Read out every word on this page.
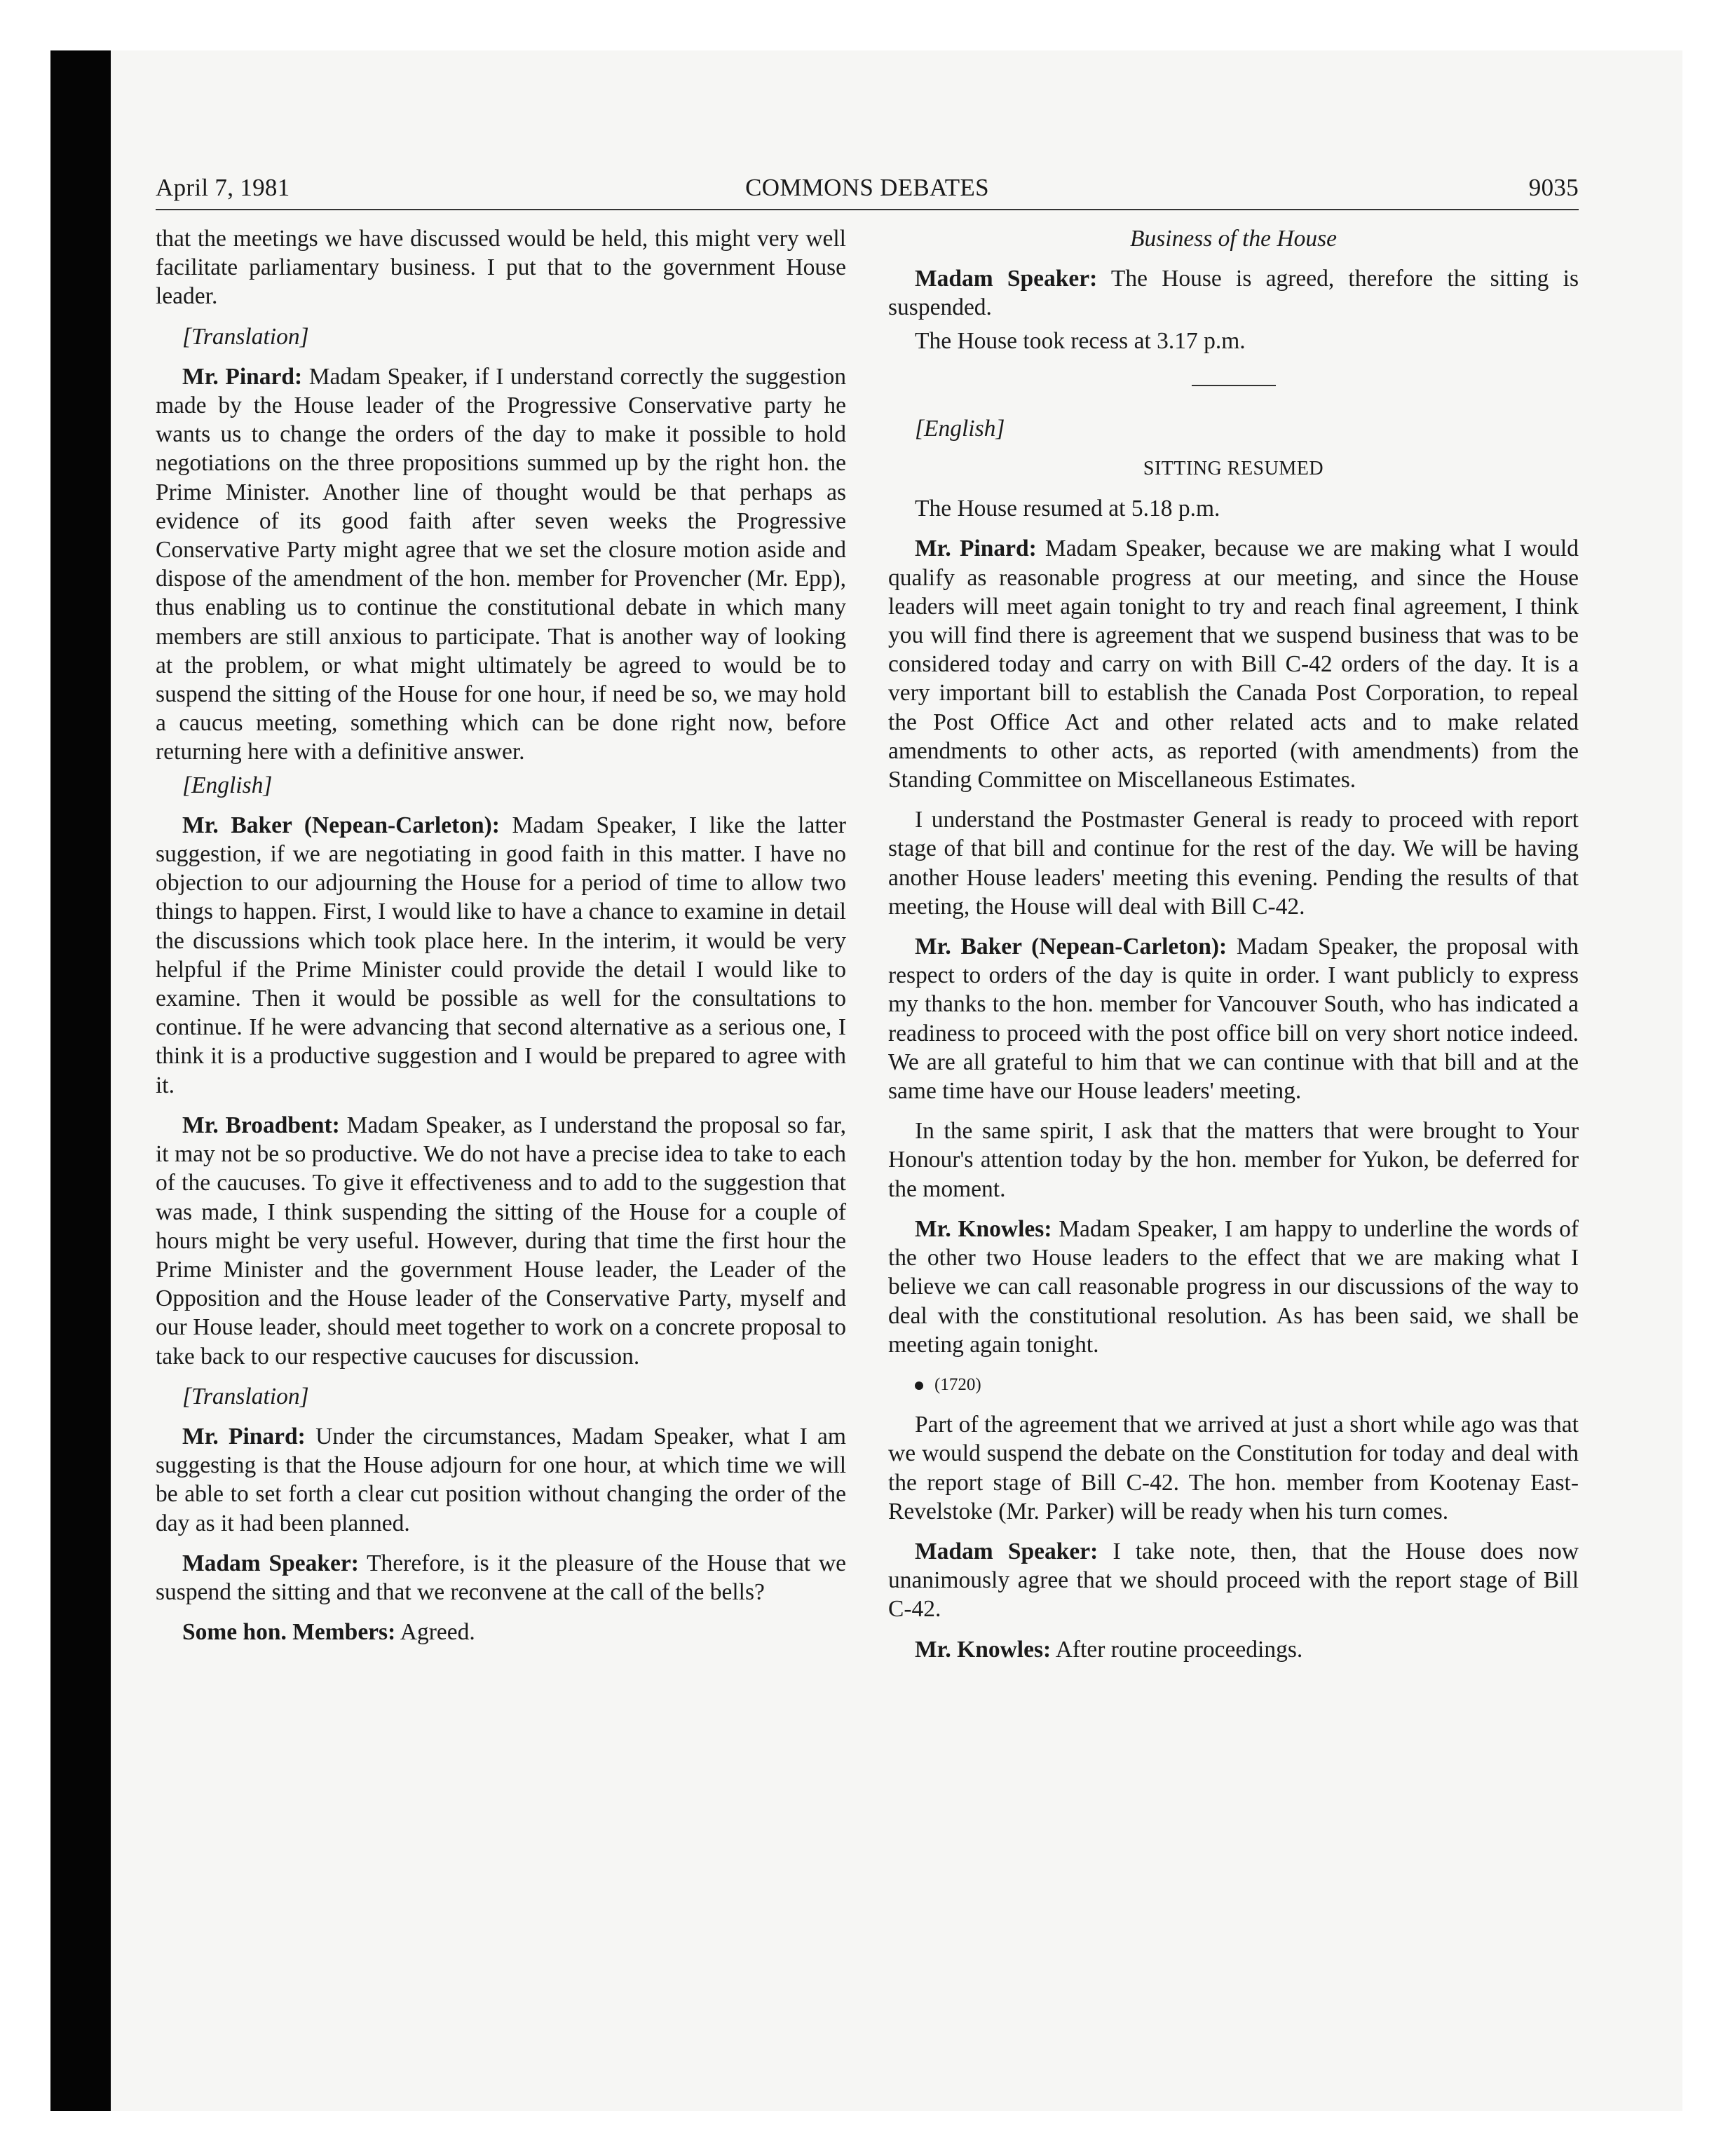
April 7, 1981	COMMONS DEBATES	9035

that the meetings we have discussed would be held, this might very well facilitate parliamentary business. I put that to the government House leader.

[Translation]

Mr. Pinard: Madam Speaker, if I understand correctly the suggestion made by the House leader of the Progressive Conservative party he wants us to change the orders of the day to make it possible to hold negotiations on the three propositions summed up by the right hon. the Prime Minister. Another line of thought would be that perhaps as evidence of its good faith after seven weeks the Progressive Conservative Party might agree that we set the closure motion aside and dispose of the amendment of the hon. member for Provencher (Mr. Epp), thus enabling us to continue the constitutional debate in which many members are still anxious to participate. That is another way of looking at the problem, or what might ultimately be agreed to would be to suspend the sitting of the House for one hour, if need be so, we may hold a caucus meeting, something which can be done right now, before returning here with a definitive answer.

[English]

Mr. Baker (Nepean-Carleton): Madam Speaker, I like the latter suggestion, if we are negotiating in good faith in this matter. I have no objection to our adjourning the House for a period of time to allow two things to happen. First, I would like to have a chance to examine in detail the discussions which took place here. In the interim, it would be very helpful if the Prime Minister could provide the detail I would like to examine. Then it would be possible as well for the consultations to continue. If he were advancing that second alternative as a serious one, I think it is a productive suggestion and I would be prepared to agree with it.

Mr. Broadbent: Madam Speaker, as I understand the proposal so far, it may not be so productive. We do not have a precise idea to take to each of the caucuses. To give it effectiveness and to add to the suggestion that was made, I think suspending the sitting of the House for a couple of hours might be very useful. However, during that time the first hour the Prime Minister and the government House leader, the Leader of the Opposition and the House leader of the Conservative Party, myself and our House leader, should meet together to work on a concrete proposal to take back to our respective caucuses for discussion.

[Translation]

Mr. Pinard: Under the circumstances, Madam Speaker, what I am suggesting is that the House adjourn for one hour, at which time we will be able to set forth a clear cut position without changing the order of the day as it had been planned.

Madam Speaker: Therefore, is it the pleasure of the House that we suspend the sitting and that we reconvene at the call of the bells?

Some hon. Members: Agreed.

Business of the House

Madam Speaker: The House is agreed, therefore the sitting is suspended.

The House took recess at 3.17 p.m.

[English]

SITTING RESUMED

The House resumed at 5.18 p.m.

Mr. Pinard: Madam Speaker, because we are making what I would qualify as reasonable progress at our meeting, and since the House leaders will meet again tonight to try and reach final agreement, I think you will find there is agreement that we suspend business that was to be considered today and carry on with Bill C-42 orders of the day. It is a very important bill to establish the Canada Post Corporation, to repeal the Post Office Act and other related acts and to make related amendments to other acts, as reported (with amendments) from the Standing Committee on Miscellaneous Estimates.

I understand the Postmaster General is ready to proceed with report stage of that bill and continue for the rest of the day. We will be having another House leaders' meeting this evening. Pending the results of that meeting, the House will deal with Bill C-42.

Mr. Baker (Nepean-Carleton): Madam Speaker, the proposal with respect to orders of the day is quite in order. I want publicly to express my thanks to the hon. member for Vancouver South, who has indicated a readiness to proceed with the post office bill on very short notice indeed. We are all grateful to him that we can continue with that bill and at the same time have our House leaders' meeting.

In the same spirit, I ask that the matters that were brought to Your Honour's attention today by the hon. member for Yukon, be deferred for the moment.

Mr. Knowles: Madam Speaker, I am happy to underline the words of the other two House leaders to the effect that we are making what I believe we can call reasonable progress in our discussions of the way to deal with the constitutional resolution. As has been said, we shall be meeting again tonight.

(1720)

Part of the agreement that we arrived at just a short while ago was that we would suspend the debate on the Constitution for today and deal with the report stage of Bill C-42. The hon. member from Kootenay East-Revelstoke (Mr. Parker) will be ready when his turn comes.

Madam Speaker: I take note, then, that the House does now unanimously agree that we should proceed with the report stage of Bill C-42.

Mr. Knowles: After routine proceedings.
